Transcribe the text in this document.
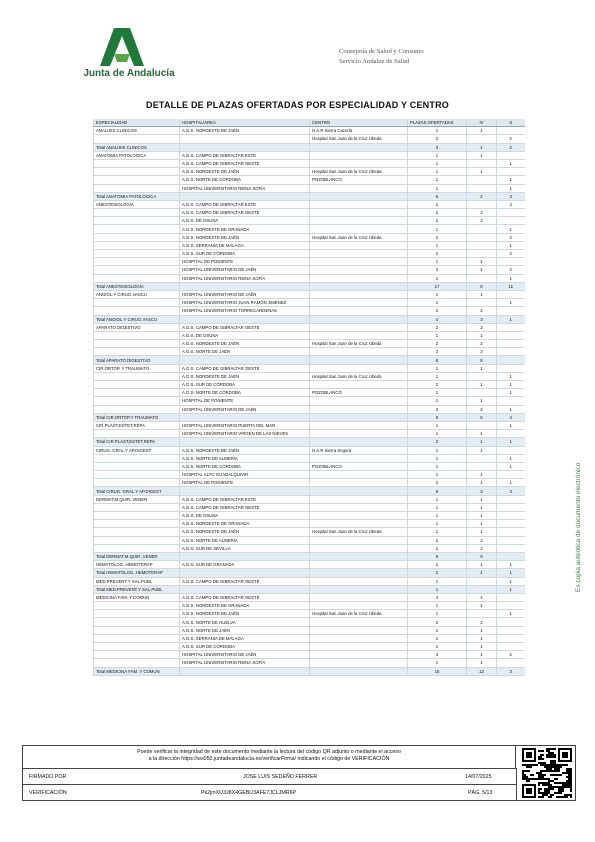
Junta de Andalucía
Consejería de Salud y Consumo
Servicio Andaluz de Salud
DETALLE DE PLAZAS OFERTADAS POR ESPECIALIDAD Y CENTRO
ESPECIALIDAD	HOSPITAL/ÁREA	CENTRO	PLAZAS OFERTADAS	IV	S
ANALISIS CLINICOS	A.G.S. NORDESTE DE JAÉN	H.A.R Sierra Cazorla	1	1	
		Hospital San Juan de la Cruz Úbeda	2		2
Total ANALISIS CLINICOS			3	1	2
ANATOMIA PATOLOGICA	A.G.S. CAMPO DE GIBRALTAR ESTE		1	1	
	A.G.S. CAMPO DE GIBRALTAR OESTE		1		1
	A.G.S. NORDESTE DE JAÉN	Hospital San Juan de la Cruz Úbeda	1	1	
	A.G.S. NORTE DE CÓRDOBA	POZOBLANCO	1		1
	HOSPITAL UNIVERSITARIO REINA SOFÍA		1		1
Total ANATOMIA PATOLOGICA			5	2	3
ANESTESIOLOGÍA	A.G.S. CAMPO DE GIBRALTAR ESTE		2		2
	A.G.S. CAMPO DE GIBRALTAR OESTE		2	2	
	A.G.S. DE OSUNA		2	2	
	A.G.S. NORDESTE DE GRANADA		1		1
	A.G.S. NORDESTE DE JAÉN	Hospital San Juan de la Cruz Úbeda	2		2
	A.G.S. SERRANÍA DE MÁLAGA		1		1
	A.G.S. SUR DE CÓRDOBA		2		2
	HOSPITAL DE PONIENTE		1	1	
	HOSPITAL UNIVERSITARIO DE JAÉN		3	1	2
	HOSPITAL UNIVERSITARIO REINA SOFÍA		1		1
Total ANESTESIOLOGÍA			17	6	11
ANGIOL.Y CIRUG.VASCU	HOSPITAL UNIVERSITARIO DE JAÉN		1	1	
	HOSPITAL UNIVERSITARIO JUAN RAMÓN JIMÉNEZ		1		1
	HOSPITAL UNIVERSITARIO TORRECÁRDENAS		2	2	
Total ANGIOL.Y CIRUG.VASCU			4	3	1
APARATO DIGESTIVO	A.G.S. CAMPO DE GIBRALTAR OESTE		2	2	
	A.G.S. DE OSUNA		1	1	
	A.G.S. NORDESTE DE JAÉN	Hospital San Juan de la Cruz Úbeda	2	2	
	A.G.S. NORTE DE JAÉN		3	3	
Total APARATO DIGESTIVO			8	8	
CIR.ORTOP. Y TRAUMATO	A.G.S. CAMPO DE GIBRALTAR OESTE		1	1	
	A.G.S. NORDESTE DE JAÉN	Hospital San Juan de la Cruz Úbeda	1		1
	A.G.S. SUR DE CÓRDOBA		2	1	1
	A.G.S. NORTE DE CÓRDOBA	POZOBLANCO	1		1
	HOSPITAL DE PONIENTE		1	1	
	HOSPITAL UNIVERSITARIO DE JAÉN		3	2	1
Total CIR.ORTOP.Y TRAUMATO			9	5	4
CIR.PLAST,ESTET,REPA	HOSPITAL UNIVERSITARIO PUERTA DEL MAR		1		1
	HOSPITAL UNIVERSITARIO VIRGEN DE LAS NIEVES		1	1	
Total CIR.PLAST,ESTET,REPA			2	1	1
CIRUG. GRAL.Y AP.DIGEST	A.G.S. NORDESTE DE JAÉN	H.A.R Sierra Segura	1	1	
	A.G.S. NORTE DE ALMERÍA		1		1
	A.G.S. NORTE DE CÓRDOBA	POZOBLANCO	1		1
	HOSPITAL ALTO GUADALQUIVIR		1	1	
	HOSPITAL DE PONIENTE		2	1	1
Total CIRUG. GRAL.Y AP.DIGEST			6	3	3
DERMAT.M.QUIR.,VENER	A.G.S. CAMPO DE GIBRALTAR ESTE		1	1	
	A.G.S. CAMPO DE GIBRALTAR OESTE		1	1	
	A.G.S. DE OSUNA		1	1	
	A.G.S. NORDESTE DE GRANADA		1	1	
	A.G.S. NORDESTE DE JAÉN	Hospital San Juan de la Cruz Úbeda	1	1	
	A.G.S. NORTE DE ALMERÍA		2	2	
	A.G.S. SUR DE SEVILLA		2	2	
Total DERMAT.M.QUIR.,VENER			9	9	
HEMATOLOG.,HEMOTERAP	A.G.S. SUR DE GRANADA		2	1	1
Total HEMATOLOG.,HEMOTERAP			2	1	1
MED.PREVENT.Y SAL.PUBL	A.G.S. CAMPO DE GIBRALTAR OESTE		1		1
Total MED.PREVENT.Y SAL.PUBL			1		1
MEDICINA FAM. Y COMUN	A.G.S. CAMPO DE GIBRALTAR OESTE		4	4	
	A.G.S. NORDESTE DE GRANADA		1	1	
	A.G.S. NORDESTE DE JAÉN	Hospital San Juan de la Cruz Úbeda	1		1
	A.G.S. NORTE DE HUELVA		2	2	
	A.G.S. NORTE DE JAÉN		1	1	
	A.G.S. SERRANÍA DE MÁLAGA		1	1	
	A.G.S. SUR DE CÓRDOBA		1	1	
	HOSPITAL UNIVERSITARIO DE JAÉN		3	1	2
	HOSPITAL UNIVERSITARIO REINA SOFÍA		1	1	
Total MEDICINA FAM. Y COMUN			15	12	3
Es copia auténtica de documento electrónico
Puede verificar la integridad de este documento mediante la lectura del código QR adjunto o mediante el acceso
a la dirección https://ws050.juntadeandalucia.es/verificarFirma/ indicando el código de VERIFICACIÓN
FIRMADO POR	JOSE LUIS SEDEÑO FERRER	14/07/2025
VERIFICACIÓN	Pk2jmXU3J8X4GEBU3AFE7JCLJMR6P	PÁG. 5/13
